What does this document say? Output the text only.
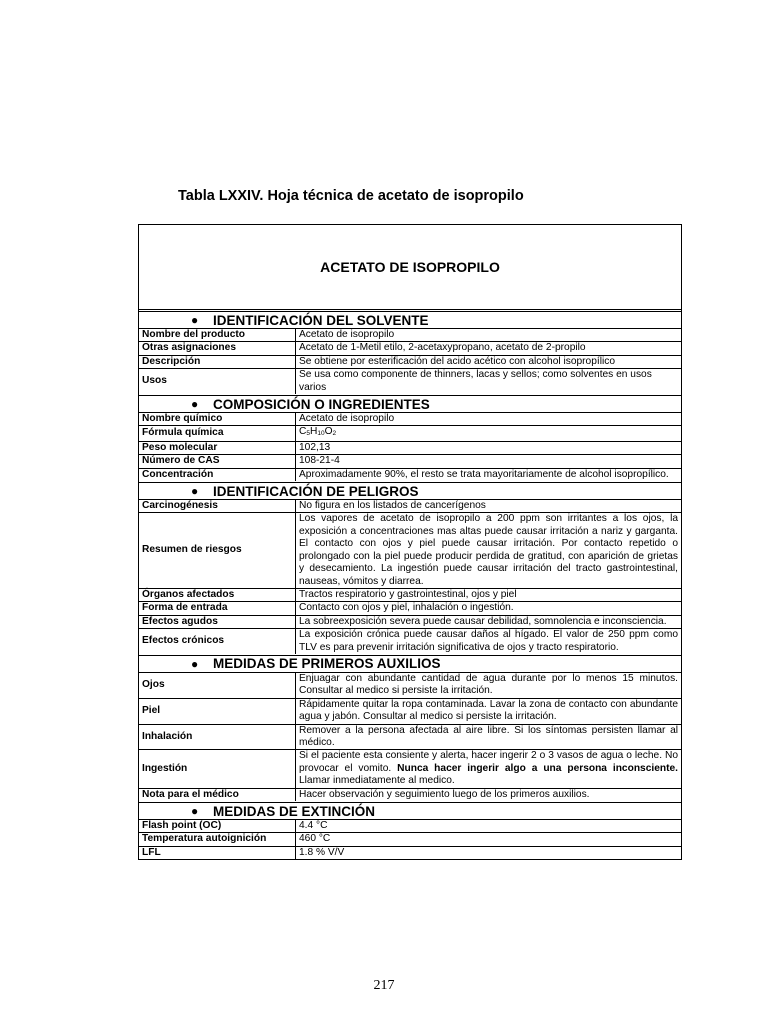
Tabla LXXIV. Hoja técnica de acetato de isopropilo
ACETATO DE ISOPROPILO
●	IDENTIFICACIÓN DEL SOLVENTE
Nombre del producto	Acetato de isopropilo
Otras asignaciones	Acetato de 1-Metil etilo, 2-acetaxypropano, acetato de 2-propilo
Descripción	Se obtiene por esterificación del acido acético con alcohol isopropílico
Usos	Se usa como componente de thinners, lacas y sellos; como solventes en usos varios
●	COMPOSICIÓN O INGREDIENTES
Nombre químico	Acetato de isopropilo
Fórmula química	C5H10O2
Peso molecular	102,13
Número de CAS	108-21-4
Concentración	Aproximadamente 90%, el resto se trata mayoritariamente de alcohol isopropílico.
●	IDENTIFICACIÓN DE PELIGROS
Carcinogénesis	No figura en los listados de cancerígenos
Resumen de riesgos	Los vapores de acetato de isopropilo a 200 ppm son irritantes a los ojos, la exposición a concentraciones mas altas puede causar irritación a nariz y garganta. El contacto con ojos y piel puede causar irritación. Por contacto repetido o prolongado con la piel puede producir perdida de gratitud, con aparición de grietas y desecamiento. La ingestión puede causar irritación del tracto gastrointestinal, nauseas, vómitos y diarrea.
Órganos afectados	Tractos respiratorio y gastrointestinal, ojos y piel
Forma de entrada	Contacto con ojos y piel, inhalación o ingestión.
Efectos agudos	La sobreexposición severa puede causar debilidad, somnolencia e inconsciencia.
Efectos crónicos	La exposición crónica puede causar daños al hígado. El valor de 250 ppm como TLV es para prevenir irritación significativa de ojos y tracto respiratorio.
●	MEDIDAS DE PRIMEROS AUXILIOS
Ojos	Enjuagar con abundante cantidad de agua durante por lo menos 15 minutos. Consultar al medico si persiste la irritación.
Piel	Rápidamente quitar la ropa contaminada. Lavar la zona de contacto con abundante agua y jabón. Consultar al medico si persiste la irritación.
Inhalación	Remover a la persona afectada al aire libre. Si los síntomas persisten llamar al médico.
Ingestión	Si el paciente esta consiente y alerta, hacer ingerir 2 o 3 vasos de agua o leche. No provocar el vomito. Nunca hacer ingerir algo a una persona inconsciente. Llamar inmediatamente al medico.
Nota para el médico	Hacer observación y seguimiento luego de los primeros auxilios.
●	MEDIDAS DE EXTINCIÓN
Flash point (OC)	4.4 °C
Temperatura autoignición	460 °C
LFL	1.8 % V/V
217
